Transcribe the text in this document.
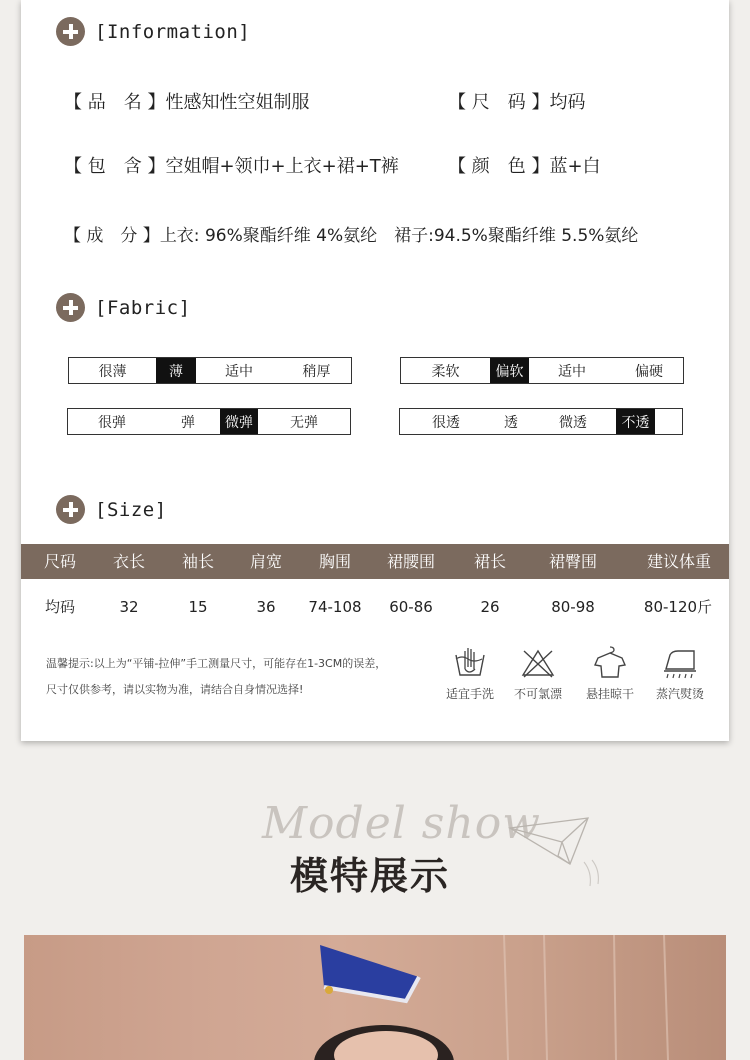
[Information]
【 品　名 】性感知性空姐制服	【 尺　码 】均码
【 包　含 】空姐帽+领巾+上衣+裙+T裤	【 颜　色 】蓝+白
【 成　分 】上衣: 96%聚酯纤维 4%氨纶　裙子:94.5%聚酯纤维 5.5%氨纶
[Fabric]
很薄	薄	适中	稍厚	柔软	偏软	适中	偏硬
很弹	弹	微弹	无弹	很透	透	微透	不透
[Size]
尺码	衣长	袖长	肩宽	胸围	裙腰围	裙长	裙臀围	建议体重
均码	32	15	36	74-108	60-86	26	80-98	80-120斤
温馨提示:以上为“平铺-拉伸”手工测量尺寸，可能存在1-3CM的误差，
尺寸仅供参考，请以实物为准，请结合自身情况选择!	适宜手洗	不可氯漂	悬挂晾干	蒸汽熨烫
Model show
模特展示
